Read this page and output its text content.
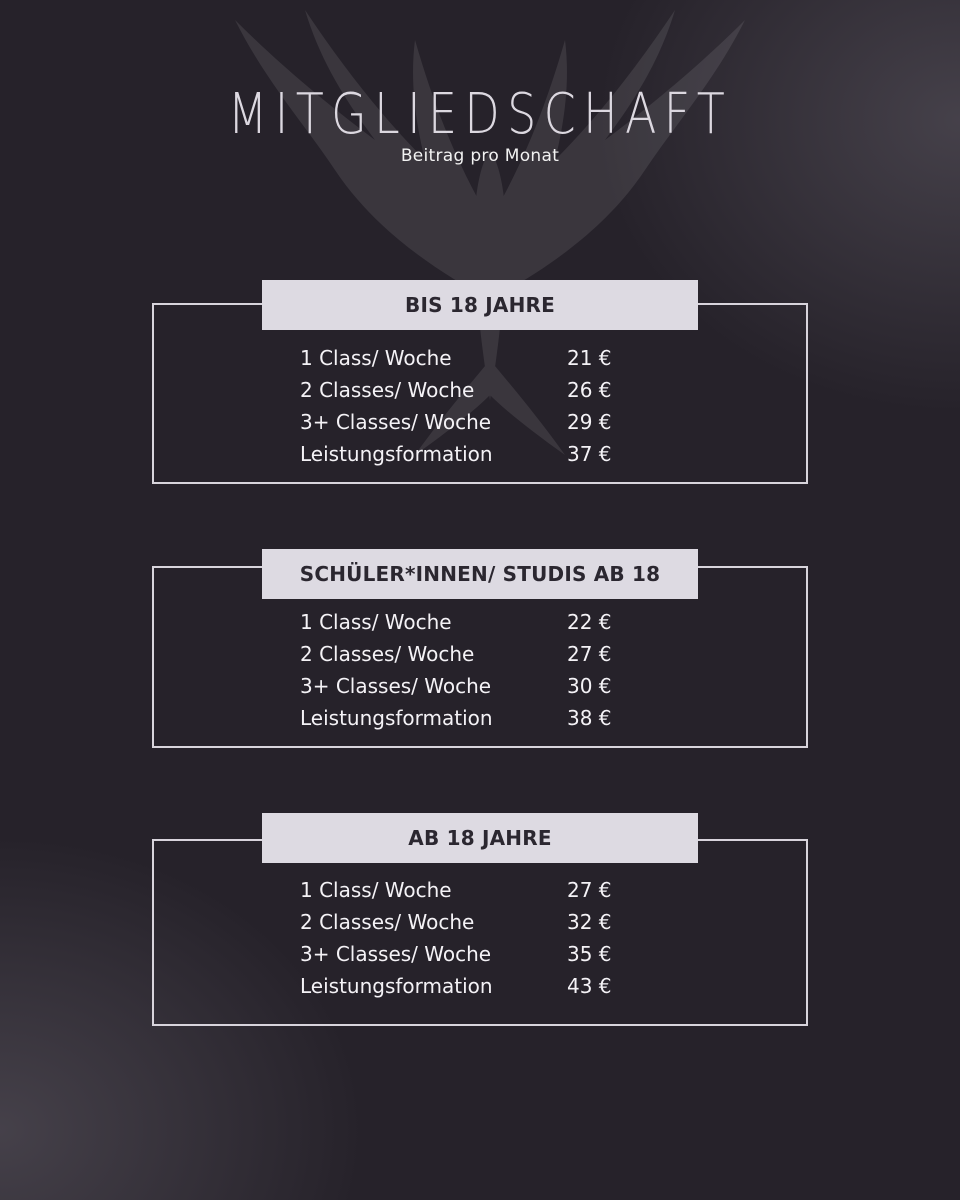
MITGLIEDSCHAFT
Beitrag pro Monat
BIS 18 JAHRE
1 Class/ Woche	21 €
2 Classes/ Woche	26 €
3+ Classes/ Woche	29 €
Leistungsformation	37 €
SCHÜLER*INNEN/ STUDIS AB 18
1 Class/ Woche	22 €
2 Classes/ Woche	27 €
3+ Classes/ Woche	30 €
Leistungsformation	38 €
AB 18 JAHRE
1 Class/ Woche	27 €
2 Classes/ Woche	32 €
3+ Classes/ Woche	35 €
Leistungsformation	43 €
